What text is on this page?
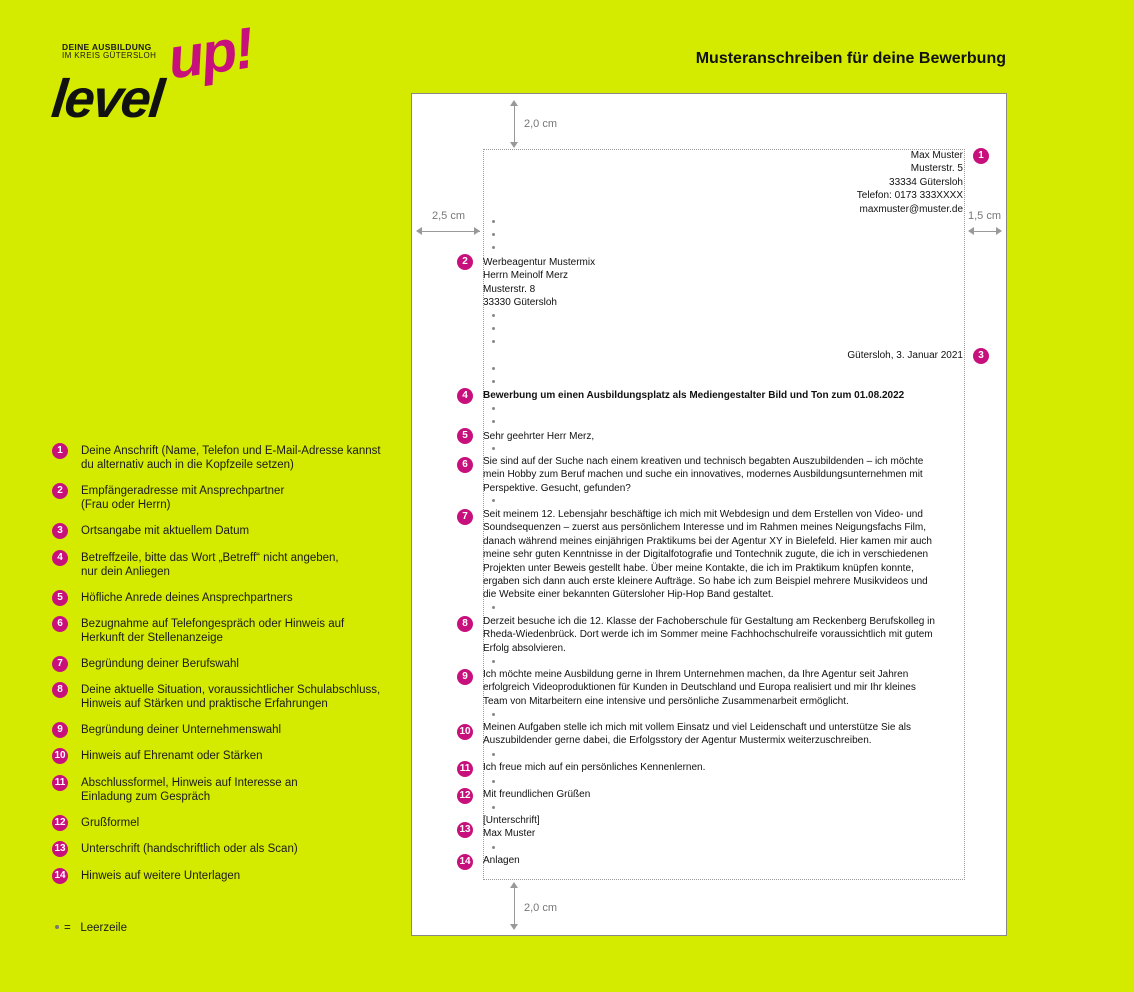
DEINE AUSBILDUNG
IM KREIS GÜTERSLOH
level
up!	Musteranschreiben für deine Bewerbung
1	Deine Anschrift (Name, Telefon und E-Mail-Adresse kannst du alternativ auch in die Kopfzeile setzen)
2	Empfängeradresse mit Ansprechpartner (Frau oder Herrn)
3	Ortsangabe mit aktuellem Datum
4	Betreffzeile, bitte das Wort „Betreff“ nicht angeben, nur dein Anliegen
5	Höfliche Anrede deines Ansprechpartners
6	Bezugnahme auf Telefongespräch oder Hinweis auf Herkunft der Stellenanzeige
7	Begründung deiner Berufswahl
8	Deine aktuelle Situation, voraussichtlicher Schulabschluss, Hinweis auf Stärken und praktische Erfahrungen
9	Begründung deiner Unternehmenswahl
10 Hinweis auf Ehrenamt oder Stärken
11 Abschlussformel, Hinweis auf Interesse an Einladung zum Gespräch
12 Grußformel
13 Unterschrift (handschriftlich oder als Scan)
14 Hinweis auf weitere Unterlagen
= Leerzeile
2,0 cm
2,5 cm	1,5 cm
2,0 cm
Max Muster
Musterstr. 5
33334 Gütersloh
Telefon: 0173 333XXXX
maxmuster@muster.de
1
Werbeagentur Mustermix
Herrn Meinolf Merz
Musterstr. 8
33330 Gütersloh
2
Gütersloh, 3. Januar 2021	3
Bewerbung um einen Ausbildungsplatz als Mediengestalter Bild und Ton zum 01.08.2022
4
Sehr geehrter Herr Merz,
5
Sie sind auf der Suche nach einem kreativen und technisch begabten Auszubildenden – ich möchte
mein Hobby zum Beruf machen und suche ein innovatives, modernes Ausbildungsunternehmen mit
Perspektive. Gesucht, gefunden?
6
Seit meinem 12. Lebensjahr beschäftige ich mich mit Webdesign und dem Erstellen von Video- und
Soundsequenzen – zuerst aus persönlichem Interesse und im Rahmen meines Neigungsfachs Film,
danach während meines einjährigen Praktikums bei der Agentur XY in Bielefeld. Hier kamen mir auch
meine sehr guten Kenntnisse in der Digitalfotografie und Tontechnik zugute, die ich in verschiedenen
Projekten unter Beweis gestellt habe. Über meine Kontakte, die ich im Praktikum knüpfen konnte,
ergaben sich dann auch erste kleinere Aufträge. So habe ich zum Beispiel mehrere Musikvideos und
die Website einer bekannten Gütersloher Hip-Hop Band gestaltet.
7
Derzeit besuche ich die 12. Klasse der Fachoberschule für Gestaltung am Reckenberg Berufskolleg in
Rheda-Wiedenbrück. Dort werde ich im Sommer meine Fachhochschulreife voraussichtlich mit gutem
Erfolg absolvieren.
8
Ich möchte meine Ausbildung gerne in Ihrem Unternehmen machen, da Ihre Agentur seit Jahren
erfolgreich Videoproduktionen für Kunden in Deutschland und Europa realisiert und mir Ihr kleines
Team von Mitarbeitern eine intensive und persönliche Zusammenarbeit ermöglicht.
9
Meinen Aufgaben stelle ich mich mit vollem Einsatz und viel Leidenschaft und unterstütze Sie als
Auszubildender gerne dabei, die Erfolgsstory der Agentur Mustermix weiterzuschreiben.
10
Ich freue mich auf ein persönliches Kennenlernen.
11
Mit freundlichen Grüßen
12
[Unterschrift]
Max Muster
13
Anlagen
14
